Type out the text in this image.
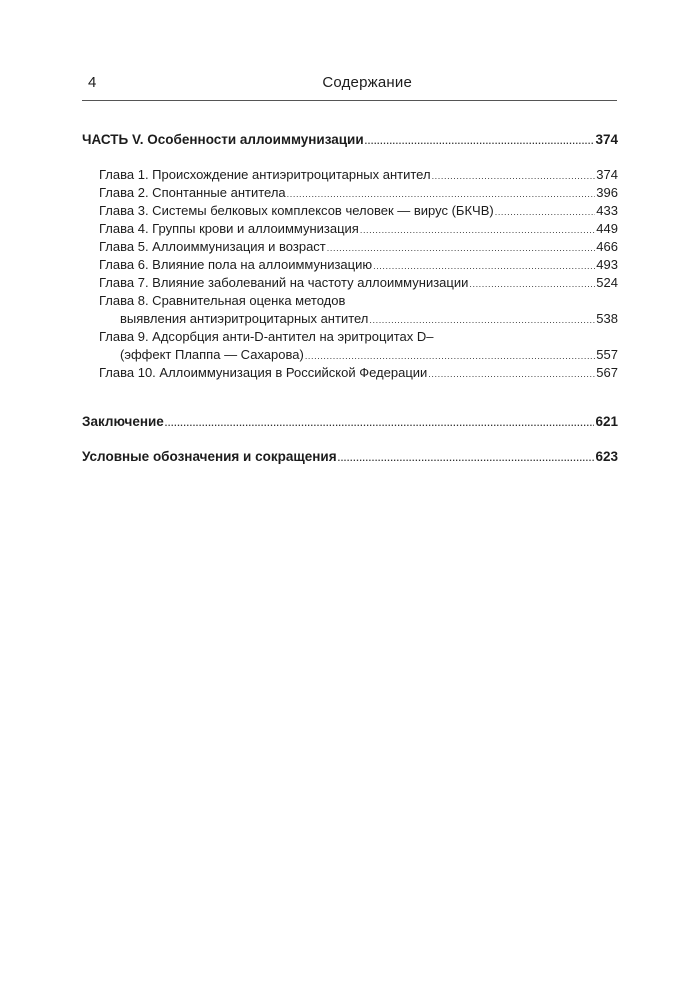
4	Содержание
ЧАСТЬ V. Особенности аллоиммунизации .....	374
Глава 1. Происхождение антиэритроцитарных антител .....	374
Глава 2. Спонтанные антитела .....	396
Глава 3. Системы белковых комплексов человек — вирус (БКЧВ) .....	433
Глава 4. Группы крови и аллоиммунизация .....	449
Глава 5. Аллоиммунизация и возраст .....	466
Глава 6. Влияние пола на аллоиммунизацию .....	493
Глава 7. Влияние заболеваний на частоту аллоиммунизации .....	524
Глава 8. Сравнительная оценка методов
выявления антиэритроцитарных антител .....	538
Глава 9. Адсорбция анти-D-антител на эритроцитах D–
(эффект Плаппа — Сахарова) .....	557
Глава 10. Аллоиммунизация в Российской Федерации .....	567
Заключение .....	621
Условные обозначения и сокращения .....	623
